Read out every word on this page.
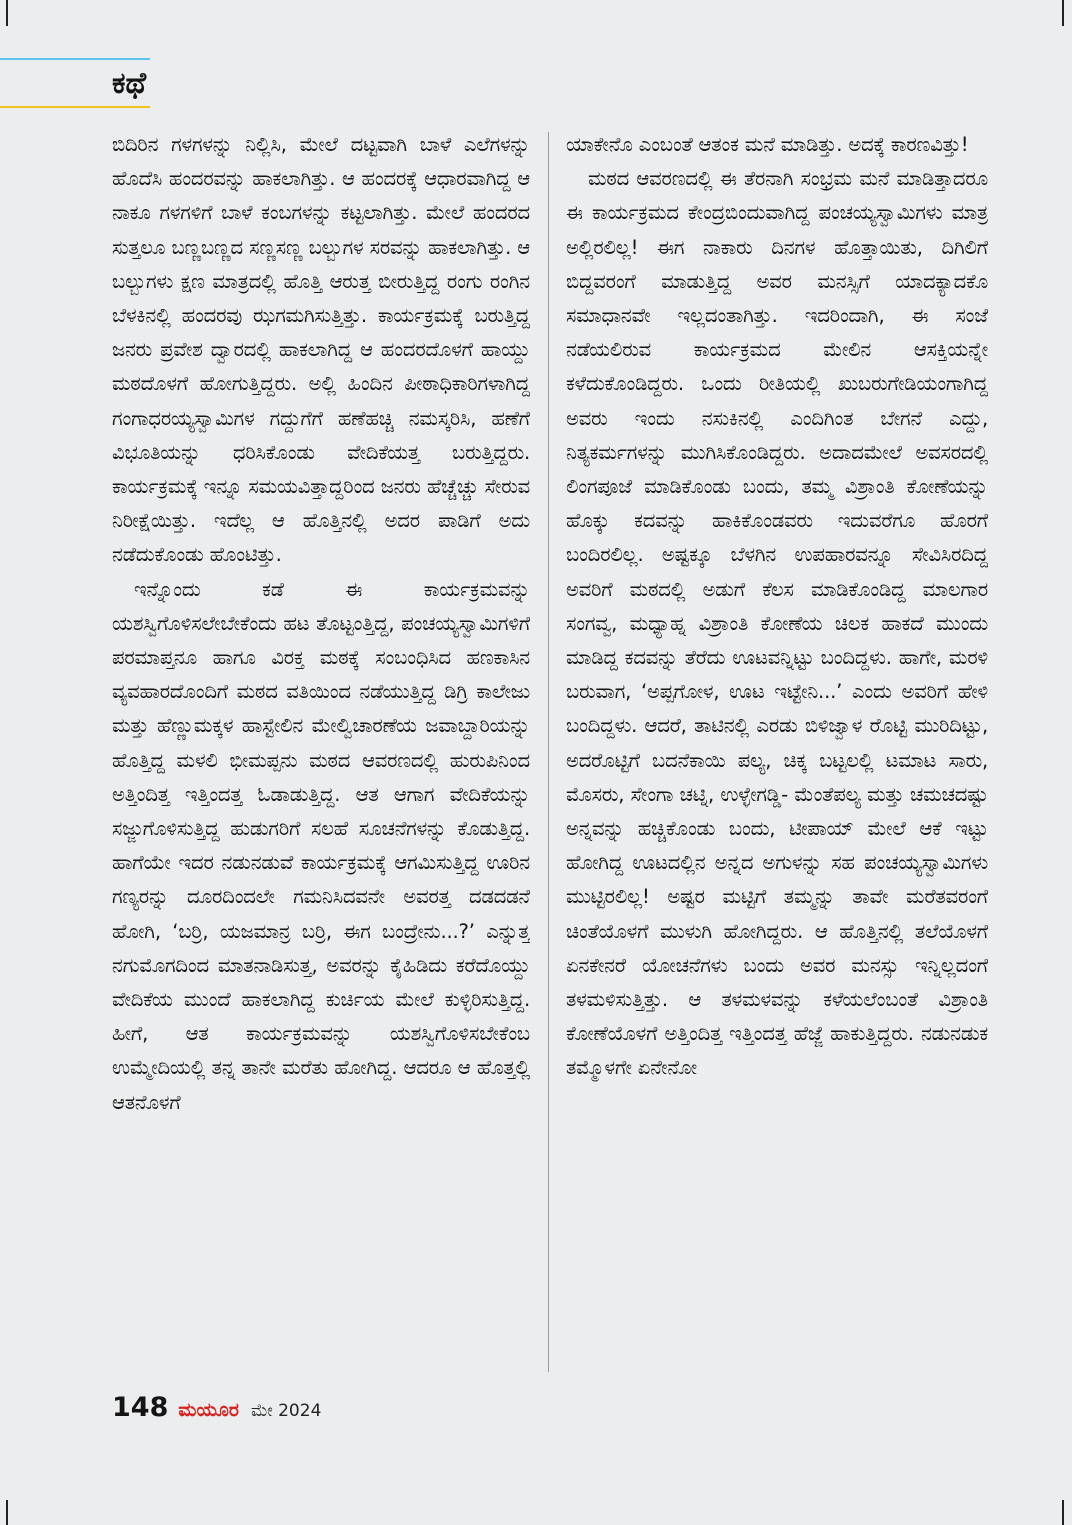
ಕಥೆ

ಬಿದಿರಿನ ಗಳಗಳನ್ನು ನಿಲ್ಲಿಸಿ, ಮೇಲೆ ದಟ್ಟವಾಗಿ ಬಾಳೆ ಎಲೆಗಳನ್ನು ಹೊದೆಸಿ ಹಂದರವನ್ನು ಹಾಕಲಾಗಿತ್ತು. ಆ ಹಂದರಕ್ಕೆ ಆಧಾರವಾಗಿದ್ದ ಆ ನಾಕೂ ಗಳಗಳಿಗೆ ಬಾಳೆ ಕಂಬಗಳನ್ನು ಕಟ್ಟಲಾಗಿತ್ತು. ಮೇಲೆ ಹಂದರದ ಸುತ್ತಲೂ ಬಣ್ಣಬಣ್ಣದ ಸಣ್ಣಸಣ್ಣ ಬಲ್ಬುಗಳ ಸರವನ್ನು ಹಾಕಲಾಗಿತ್ತು. ಆ ಬಲ್ಬುಗಳು ಕ್ಷಣ ಮಾತ್ರದಲ್ಲಿ ಹೊತ್ತಿ ಆರುತ್ತ ಬೀರುತ್ತಿದ್ದ ರಂಗು ರಂಗಿನ ಬೆಳಕಿನಲ್ಲಿ ಹಂದರವು ಝಗಮಗಿಸುತ್ತಿತ್ತು. ಕಾರ್ಯಕ್ರಮಕ್ಕೆ ಬರುತ್ತಿದ್ದ ಜನರು ಪ್ರವೇಶ ದ್ವಾರದಲ್ಲಿ ಹಾಕಲಾಗಿದ್ದ ಆ ಹಂದರದೊಳಗೆ ಹಾಯ್ದು ಮಠದೊಳಗೆ ಹೋಗುತ್ತಿದ್ದರು. ಅಲ್ಲಿ ಹಿಂದಿನ ಪೀಠಾಧಿಕಾರಿಗಳಾಗಿದ್ದ ಗಂಗಾಧರಯ್ಯಸ್ವಾಮಿಗಳ ಗದ್ದುಗೆಗೆ ಹಣೆಹಚ್ಚಿ ನಮಸ್ಕರಿಸಿ, ಹಣೆಗೆ ವಿಭೂತಿಯನ್ನು ಧರಿಸಿಕೊಂಡು ವೇದಿಕೆಯತ್ತ ಬರುತ್ತಿದ್ದರು. ಕಾರ್ಯಕ್ರಮಕ್ಕೆ ಇನ್ನೂ ಸಮಯವಿತ್ತಾದ್ದರಿಂದ ಜನರು ಹೆಚ್ಚೆಚ್ಚು ಸೇರುವ ನಿರೀಕ್ಷೆಯಿತ್ತು. ಇದೆಲ್ಲ ಆ ಹೊತ್ತಿನಲ್ಲಿ ಅದರ ಪಾಡಿಗೆ ಅದು ನಡೆದುಕೊಂಡು ಹೊಂಟಿತ್ತು.

ಇನ್ನೊಂದು ಕಡೆ ಈ ಕಾರ್ಯಕ್ರಮವನ್ನು ಯಶಸ್ವಿಗೊಳಿಸಲೇಬೇಕೆಂದು ಹಟ ತೊಟ್ಟಂತ್ತಿದ್ದ, ಪಂಚಯ್ಯಸ್ವಾಮಿಗಳಿಗೆ ಪರಮಾಪ್ತನೂ ಹಾಗೂ ವಿರಕ್ತ ಮಠಕ್ಕೆ ಸಂಬಂಧಿಸಿದ ಹಣಕಾಸಿನ ವ್ಯವಹಾರದೊಂದಿಗೆ ಮಠದ ವತಿಯಿಂದ ನಡೆಯುತ್ತಿದ್ದ ಡಿಗ್ರಿ ಕಾಲೇಜು ಮತ್ತು ಹೆಣ್ಣುಮಕ್ಕಳ ಹಾಸ್ಟೇಲಿನ ಮೇಲ್ವಿಚಾರಣೆಯ ಜವಾಬ್ದಾರಿಯನ್ನು ಹೊತ್ತಿದ್ದ ಮಳಲಿ ಭೀಮಪ್ಪನು ಮಠದ ಆವರಣದಲ್ಲಿ ಹುರುಪಿನಿಂದ ಅತ್ತಿಂದಿತ್ತ ಇತ್ತಿಂದತ್ತ ಓಡಾಡುತ್ತಿದ್ದ. ಆತ ಆಗಾಗ ವೇದಿಕೆಯನ್ನು ಸಜ್ಜುಗೊಳಿಸುತ್ತಿದ್ದ ಹುಡುಗರಿಗೆ ಸಲಹೆ ಸೂಚನೆಗಳನ್ನು ಕೊಡುತ್ತಿದ್ದ. ಹಾಗೆಯೇ ಇದರ ನಡುನಡುವೆ ಕಾರ್ಯಕ್ರಮಕ್ಕೆ ಆಗಮಿಸುತ್ತಿದ್ದ ಊರಿನ ಗಣ್ಯರನ್ನು ದೂರದಿಂದಲೇ ಗಮನಿಸಿದವನೇ ಅವರತ್ತ ದಡದಡನೆ ಹೋಗಿ, ‘ಬರ್ರಿ, ಯಜಮಾನ್ರ ಬರ್ರಿ, ಈಗ ಬಂದ್ರೇನು...?’ ಎನ್ನುತ್ತ ನಗುಮೊಗದಿಂದ ಮಾತನಾಡಿಸುತ್ತ, ಅವರನ್ನು ಕೈಹಿಡಿದು ಕರೆದೊಯ್ದು ವೇದಿಕೆಯ ಮುಂದೆ ಹಾಕಲಾಗಿದ್ದ ಕುರ್ಚಿಯ ಮೇಲೆ ಕುಳ್ಳಿರಿಸುತ್ತಿದ್ದ. ಹೀಗೆ, ಆತ ಕಾರ್ಯಕ್ರಮವನ್ನು ಯಶಸ್ವಿಗೊಳಿಸಬೇಕೆಂಬ ಉಮ್ಮೇದಿಯಲ್ಲಿ ತನ್ನ ತಾನೇ ಮರೆತು ಹೋಗಿದ್ದ. ಆದರೂ ಆ ಹೊತ್ತಲ್ಲಿ ಆತನೊಳಗೆ

ಯಾಕೇನೊ ಎಂಬಂತೆ ಆತಂಕ ಮನೆ ಮಾಡಿತ್ತು. ಅದಕ್ಕೆ ಕಾರಣವಿತ್ತು!

ಮಠದ ಆವರಣದಲ್ಲಿ ಈ ತೆರನಾಗಿ ಸಂಭ್ರಮ ಮನೆ ಮಾಡಿತ್ತಾದರೂ ಈ ಕಾರ್ಯಕ್ರಮದ ಕೇಂದ್ರಬಿಂದುವಾಗಿದ್ದ ಪಂಚಯ್ಯಸ್ವಾಮಿಗಳು ಮಾತ್ರ ಅಲ್ಲಿರಲಿಲ್ಲ! ಈಗ ನಾಕಾರು ದಿನಗಳ ಹೊತ್ತಾಯಿತು, ದಿಗಿಲಿಗೆ ಬಿದ್ದವರಂಗೆ ಮಾಡುತ್ತಿದ್ದ ಅವರ ಮನಸ್ಸಿಗೆ ಯಾದಕ್ಯಾದಕೊ ಸಮಾಧಾನವೇ ಇಲ್ಲದಂತಾಗಿತ್ತು. ಇದರಿಂದಾಗಿ, ಈ ಸಂಜೆ ನಡೆಯಲಿರುವ ಕಾರ್ಯಕ್ರಮದ ಮೇಲಿನ ಆಸಕ್ತಿಯನ್ನೇ ಕಳೆದುಕೊಂಡಿದ್ದರು. ಒಂದು ರೀತಿಯಲ್ಲಿ ಖುಬರುಗೇಡಿಯಂಗಾಗಿದ್ದ ಅವರು ಇಂದು ನಸುಕಿನಲ್ಲಿ ಎಂದಿಗಿಂತ ಬೇಗನೆ ಎದ್ದು, ನಿತ್ಯಕರ್ಮಗಳನ್ನು ಮುಗಿಸಿಕೊಂಡಿದ್ದರು. ಅದಾದಮೇಲೆ ಅವಸರದಲ್ಲಿ ಲಿಂಗಪೂಜೆ ಮಾಡಿಕೊಂಡು ಬಂದು, ತಮ್ಮ ವಿಶ್ರಾಂತಿ ಕೋಣೆಯನ್ನು ಹೊಕ್ಕು ಕದವನ್ನು ಹಾಕಿಕೊಂಡವರು ಇದುವರೆಗೂ ಹೊರಗೆ ಬಂದಿರಲಿಲ್ಲ. ಅಷ್ಟಕ್ಕೂ ಬೆಳಗಿನ ಉಪಹಾರವನ್ನೂ ಸೇವಿಸಿರದಿದ್ದ ಅವರಿಗೆ ಮಠದಲ್ಲಿ ಅಡುಗೆ ಕೆಲಸ ಮಾಡಿಕೊಂಡಿದ್ದ ಮಾಲಗಾರ ಸಂಗವ್ವ, ಮಧ್ಯಾಹ್ನ ವಿಶ್ರಾಂತಿ ಕೋಣೆಯ ಚಿಲಕ ಹಾಕದೆ ಮುಂದು ಮಾಡಿದ್ದ ಕದವನ್ನು ತೆರೆದು ಊಟವನ್ನಿಟ್ಟು ಬಂದಿದ್ದಳು. ಹಾಗೇ, ಮರಳಿ ಬರುವಾಗ, ‘ಅಪ್ಪಗೋಳ, ಊಟ ಇಟ್ಟೇನಿ...’ ಎಂದು ಅವರಿಗೆ ಹೇಳಿ ಬಂದಿದ್ದಳು. ಆದರೆ, ತಾಟಿನಲ್ಲಿ ಎರಡು ಬಿಳಿಜ್ವಾಳ ರೊಟ್ಟಿ ಮುರಿದಿಟ್ಟು, ಅದರೊಟ್ಟಿಗೆ ಬದನೆಕಾಯಿ ಪಲ್ಯ, ಚಿಕ್ಕ ಬಟ್ಟಲಲ್ಲಿ ಟಮಾಟ ಸಾರು, ಮೊಸರು, ಸೇಂಗಾ ಚಟ್ನಿ, ಉಳ್ಳೇಗಡ್ಡಿ- ಮೆಂತೆಪಲ್ಯ ಮತ್ತು ಚಮಚದಷ್ಟು ಅನ್ನವನ್ನು ಹಚ್ಚಿಕೊಂಡು ಬಂದು, ಟೀಪಾಯ್ ಮೇಲೆ ಆಕೆ ಇಟ್ಟು ಹೋಗಿದ್ದ ಊಟದಲ್ಲಿನ ಅನ್ನದ ಅಗುಳನ್ನು ಸಹ ಪಂಚಯ್ಯಸ್ವಾಮಿಗಳು ಮುಟ್ಟಿರಲಿಲ್ಲ! ಅಷ್ಟರ ಮಟ್ಟಿಗೆ ತಮ್ಮನ್ನು ತಾವೇ ಮರೆತವರಂಗೆ ಚಿಂತೆಯೊಳಗೆ ಮುಳುಗಿ ಹೋಗಿದ್ದರು. ಆ ಹೊತ್ತಿನಲ್ಲಿ ತಲೆಯೊಳಗೆ ಏನಕೇನರೆ ಯೋಚನೆಗಳು ಬಂದು ಅವರ ಮನಸ್ಸು ಇನ್ನಿಲ್ಲದಂಗೆ ತಳಮಳಿಸುತ್ತಿತ್ತು. ಆ ತಳಮಳವನ್ನು ಕಳೆಯಲೆಂಬಂತೆ ವಿಶ್ರಾಂತಿ ಕೋಣೆಯೊಳಗೆ ಅತ್ತಿಂದಿತ್ತ ಇತ್ತಿಂದತ್ತ ಹೆಜ್ಜೆ ಹಾಕುತ್ತಿದ್ದರು. ನಡುನಡುಕ ತಮ್ಮೊಳಗೇ ಏನೇನೋ

148 ಮಯೂರ ಮೇ 2024
